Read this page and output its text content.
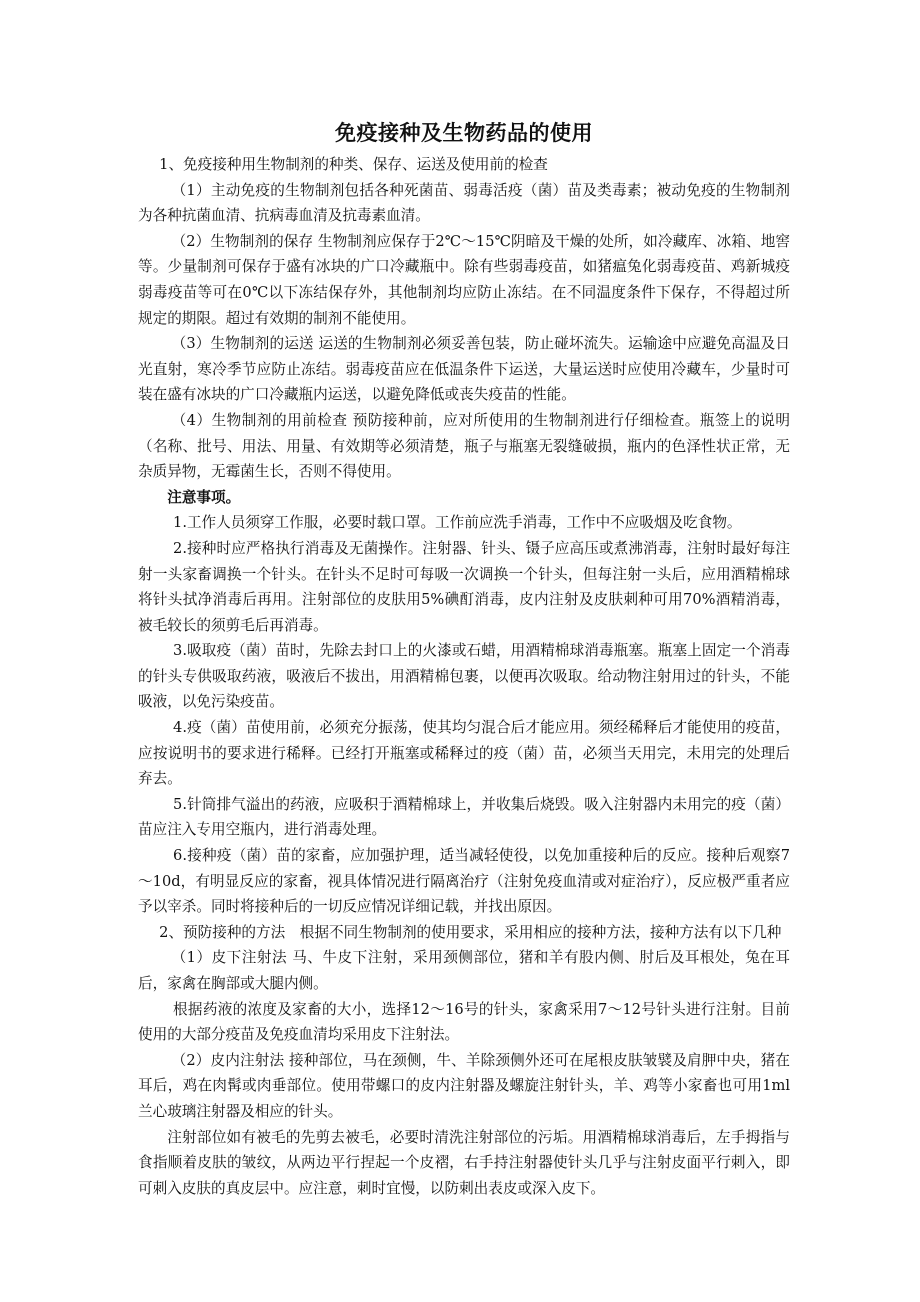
免疫接种及生物药品的使用

1、免疫接种用生物制剂的种类、保存、运送及使用前的检查

（1）主动免疫的生物制剂包括各种死菌苗、弱毒活疫（菌）苗及类毒素；被动免疫的生物制剂为各种抗菌血清、抗病毒血清及抗毒素血清。

（2）生物制剂的保存 生物制剂应保存于2℃～15℃阴暗及干燥的处所，如冷藏库、冰箱、地窖等。少量制剂可保存于盛有冰块的广口冷藏瓶中。除有些弱毒疫苗，如猪瘟兔化弱毒疫苗、鸡新城疫弱毒疫苗等可在0℃以下冻结保存外，其他制剂均应防止冻结。在不同温度条件下保存，不得超过所规定的期限。超过有效期的制剂不能使用。

（3）生物制剂的运送 运送的生物制剂必须妥善包装，防止碰坏流失。运输途中应避免高温及日光直射，寒冷季节应防止冻结。弱毒疫苗应在低温条件下运送，大量运送时应使用冷藏车，少量时可装在盛有冰块的广口冷藏瓶内运送，以避免降低或丧失疫苗的性能。

（4）生物制剂的用前检查 预防接种前，应对所使用的生物制剂进行仔细检查。瓶签上的说明（名称、批号、用法、用量、有效期等必须清楚，瓶子与瓶塞无裂缝破损，瓶内的色泽性状正常，无杂质异物，无霉菌生长，否则不得使用。

注意事项。

1.工作人员须穿工作服，必要时载口罩。工作前应洗手消毒，工作中不应吸烟及吃食物。

2.接种时应严格执行消毒及无菌操作。注射器、针头、镊子应高压或煮沸消毒，注射时最好每注射一头家畜调换一个针头。在针头不足时可每吸一次调换一个针头，但每注射一头后，应用酒精棉球将针头拭净消毒后再用。注射部位的皮肤用5%碘酊消毒，皮内注射及皮肤刺种可用70%酒精消毒，被毛较长的须剪毛后再消毒。

3.吸取疫（菌）苗时，先除去封口上的火漆或石蜡，用酒精棉球消毒瓶塞。瓶塞上固定一个消毒的针头专供吸取药液，吸液后不拔出，用酒精棉包裹，以便再次吸取。给动物注射用过的针头，不能吸液，以免污染疫苗。

4.疫（菌）苗使用前，必须充分振荡，使其均匀混合后才能应用。须经稀释后才能使用的疫苗，应按说明书的要求进行稀释。已经打开瓶塞或稀释过的疫（菌）苗，必须当天用完，未用完的处理后弃去。

5.针筒排气溢出的药液，应吸积于酒精棉球上，并收集后烧毁。吸入注射器内未用完的疫（菌）苗应注入专用空瓶内，进行消毒处理。

6.接种疫（菌）苗的家畜，应加强护理，适当减轻使役，以免加重接种后的反应。接种后观察7～10d，有明显反应的家畜，视具体情况进行隔离治疗（注射免疫血清或对症治疗），反应极严重者应予以宰杀。同时将接种后的一切反应情况详细记载，并找出原因。

2、预防接种的方法　根据不同生物制剂的使用要求，采用相应的接种方法，接种方法有以下几种

（1）皮下注射法 马、牛皮下注射，采用颈侧部位，猪和羊有股内侧、肘后及耳根处，兔在耳后，家禽在胸部或大腿内侧。

根据药液的浓度及家畜的大小，选择12～16号的针头，家禽采用7～12号针头进行注射。目前使用的大部分疫苗及免疫血清均采用皮下注射法。

（2）皮内注射法 接种部位，马在颈侧，牛、羊除颈侧外还可在尾根皮肤皱襞及肩胛中央，猪在耳后，鸡在肉髯或肉垂部位。使用带螺口的皮内注射器及螺旋注射针头，羊、鸡等小家畜也可用1ml兰心玻璃注射器及相应的针头。

注射部位如有被毛的先剪去被毛，必要时清洗注射部位的污垢。用酒精棉球消毒后，左手拇指与食指顺着皮肤的皱纹，从两边平行捏起一个皮褶，右手持注射器使针头几乎与注射皮面平行刺入，即可刺入皮肤的真皮层中。应注意，刺时宜慢，以防刺出表皮或深入皮下。
